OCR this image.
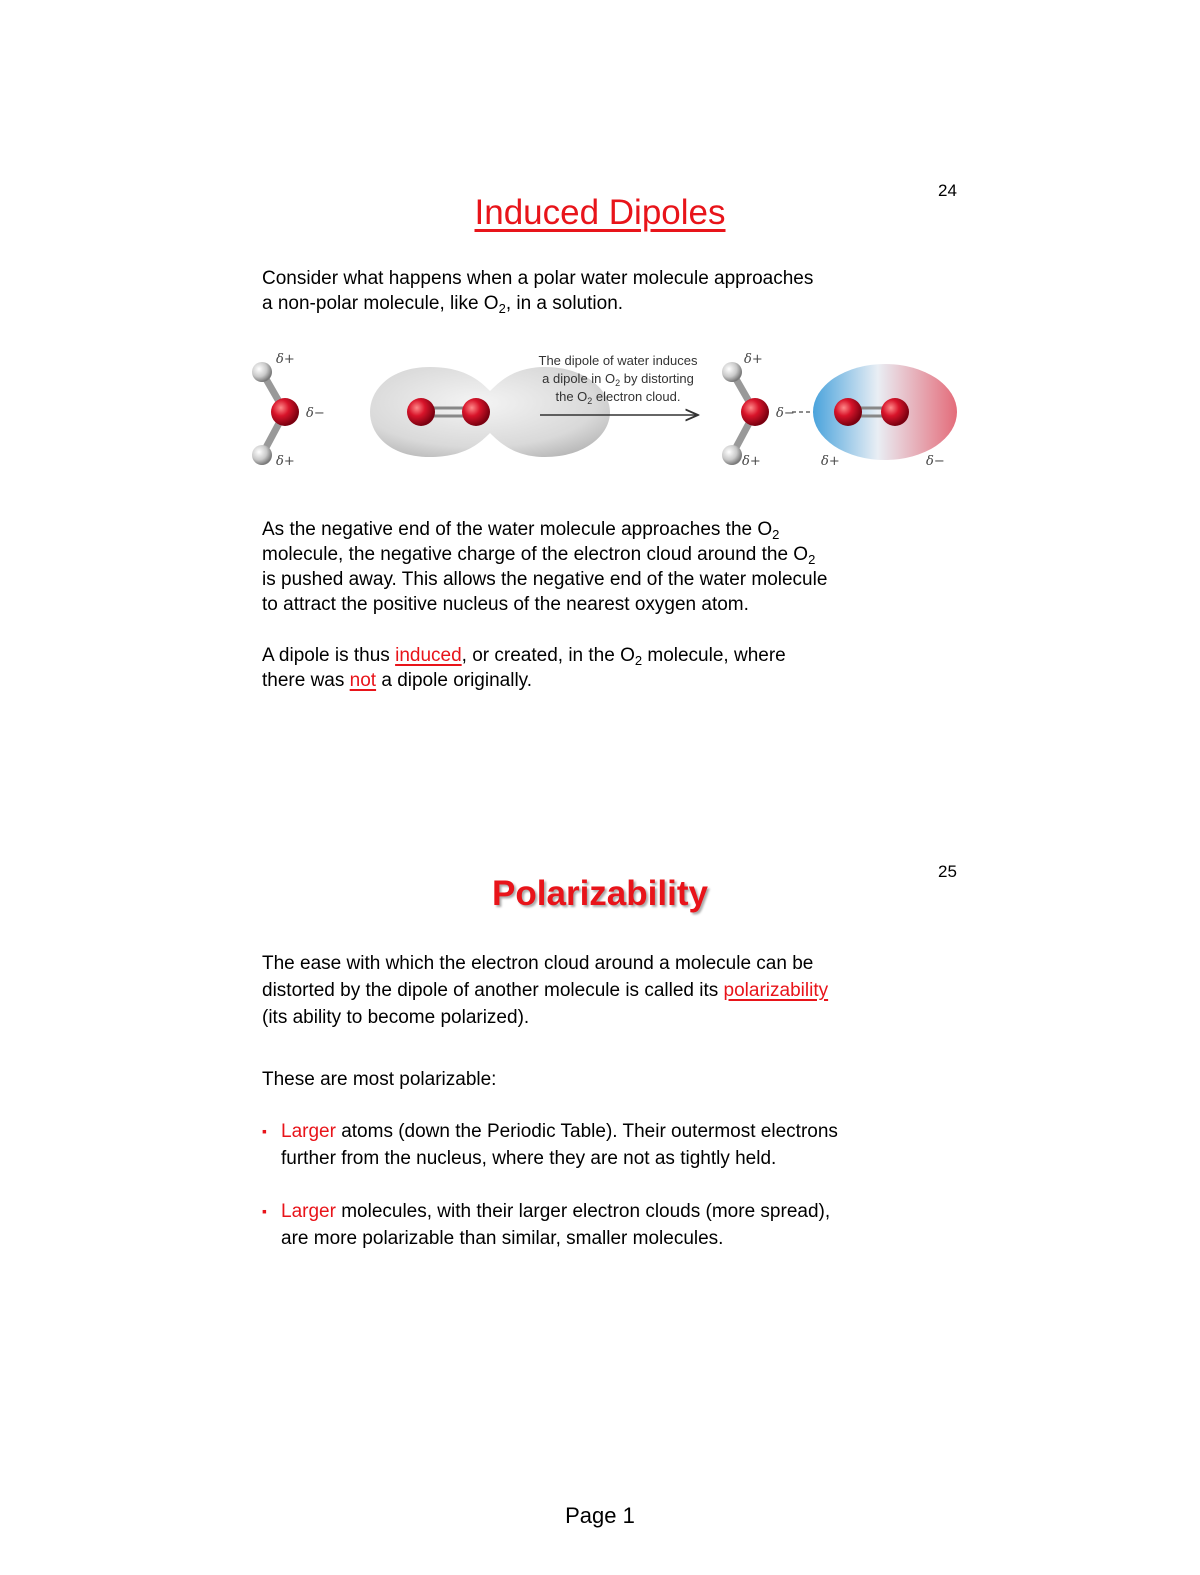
24
Induced Dipoles

Consider what happens when a polar water molecule approaches

a non-polar molecule, like $O_2$, in a solution.

δ+
δ−
δ+
The dipole of water induces
a dipole in $O_2$ by distorting
the $O_2$ electron cloud.
δ+
δ−
δ+	δ+	δ−

As the negative end of the water molecule approaches the $O_2$

molecule, the negative charge of the electron cloud around the $O_2$

is pushed away. This allows the negative end of the water molecule

to attract the positive nucleus of the nearest oxygen atom.

A dipole is thus induced, or created, in the $O_2$ molecule, where

there was not a dipole originally.

25
Polarizability

The ease with which the electron cloud around a molecule can be

distorted by the dipole of another molecule is called its polarizability

(its ability to become polarized).

These are most polarizable:
▪ Larger atoms (down the Periodic Table). Their outermost electrons

further from the nucleus, where they are not as tightly held.

▪ Larger molecules, with their larger electron clouds (more spread),

are more polarizable than similar, smaller molecules.

Page 1
